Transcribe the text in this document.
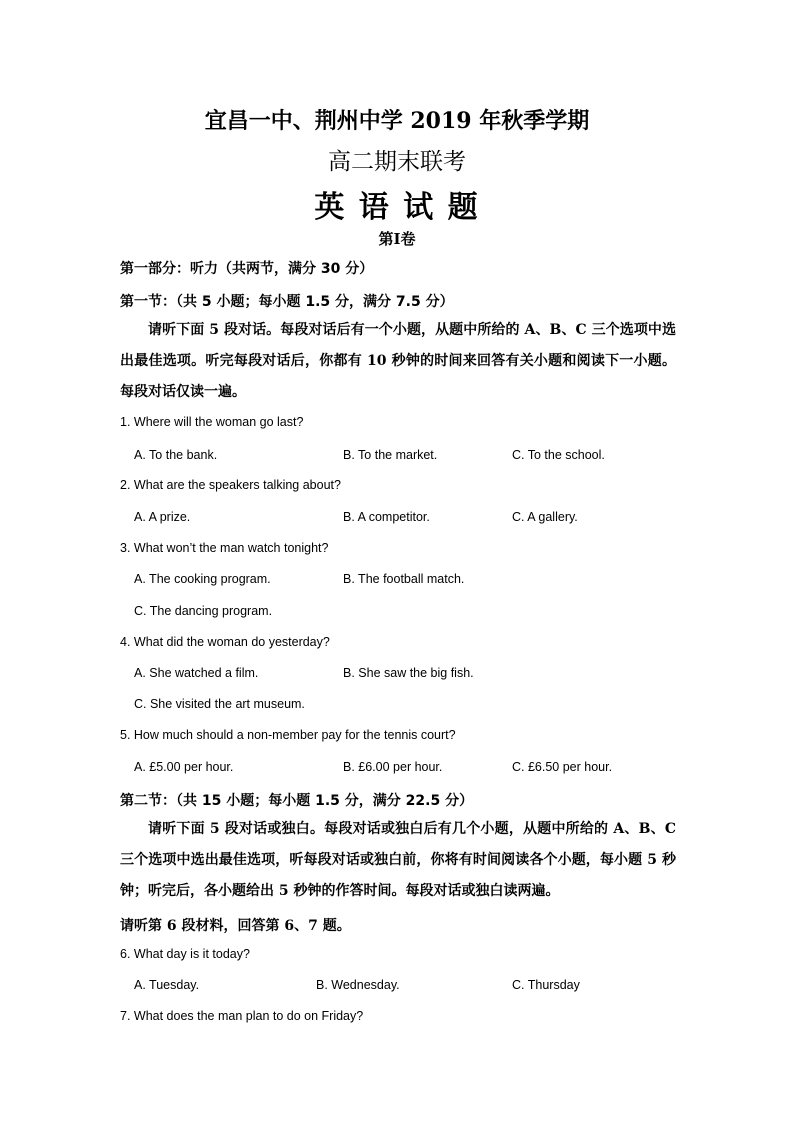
宜昌一中、荆州中学 2019 年秋季学期
高二期末联考
英 语 试 题
第I卷
第一部分：听力（共两节，满分 30 分）
第一节：（共 5 小题；每小题 1.5 分，满分 7.5 分）
请听下面 5 段对话。每段对话后有一个小题，从题中所给的 A、B、C 三个选项中选出最佳选项。听完每段对话后，你都有 10 秒钟的时间来回答有关小题和阅读下一小题。每段对话仅读一遍。
1. Where will the woman go last?
A. To the bank.	B. To the market.	C. To the school.
2. What are the speakers talking about?
A. A prize.	B. A competitor.	C. A gallery.
3. What won’t the man watch tonight?
A. The cooking program.	B. The football match.
C. The dancing program.
4. What did the woman do yesterday?
A. She watched a film.	B. She saw the big fish.
C. She visited the art museum.
5. How much should a non-member pay for the tennis court?
A. £5.00 per hour.	B. £6.00 per hour.	C. £6.50 per hour.
第二节：（共 15 小题；每小题 1.5 分，满分 22.5 分）
请听下面 5 段对话或独白。每段对话或独白后有几个小题，从题中所给的 A、B、C 三个选项中选出最佳选项，听每段对话或独白前，你将有时间阅读各个小题，每小题 5 秒钟；听完后，各小题给出 5 秒钟的作答时间。每段对话或独白读两遍。
请听第 6 段材料，回答第 6、7 题。
6. What day is it today?
A. Tuesday.	B. Wednesday.	C. Thursday
7. What does the man plan to do on Friday?
